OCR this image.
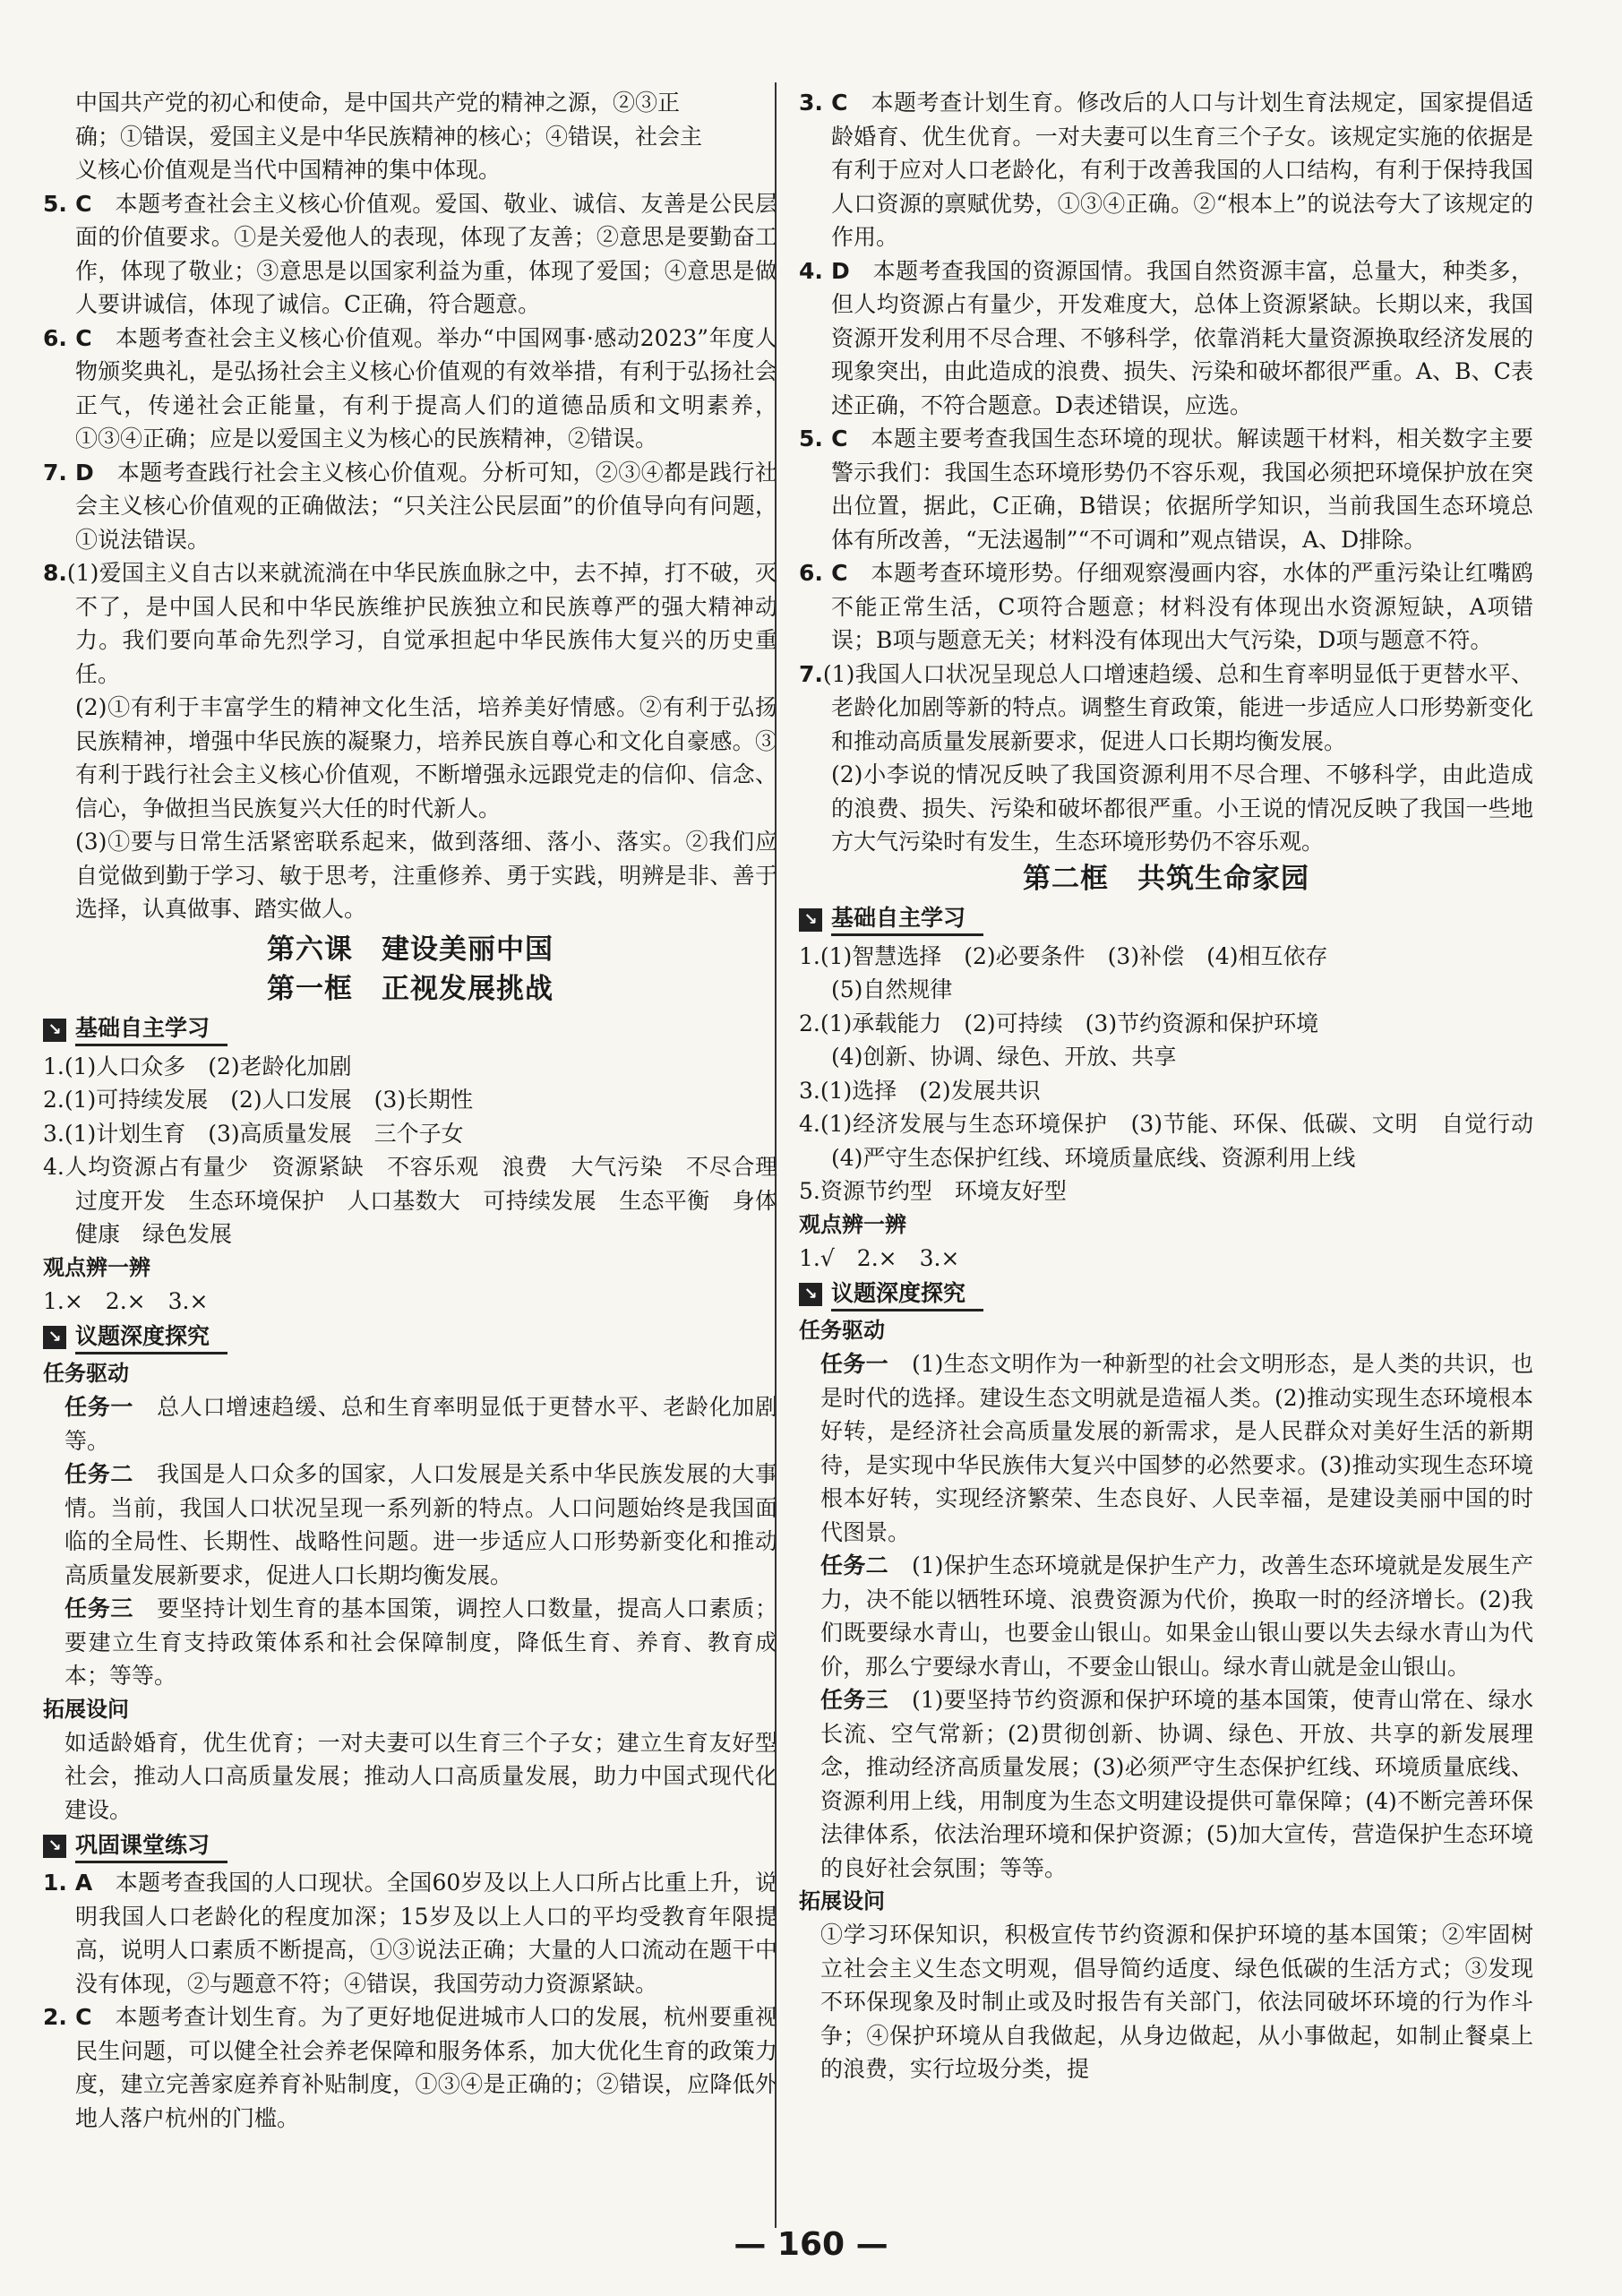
中国共产党的初心和使命，是中国共产党的精神之源，②③正

确；①错误，爱国主义是中华民族精神的核心；④错误，社会主

义核心价值观是当代中国精神的集中体现。

5. C　 本题考查社会主义核心价值观。爱国、敬业、诚信、友善是公民层面的价值要求。①是关爱他人的表现，体现了友善；②意思是要勤奋工作，体现了敬业；③意思是以国家利益为重，体现了爱国；④意思是做人要讲诚信，体现了诚信。C正确，符合题意。

6. C　 本题考查社会主义核心价值观。举办“中国网事·感动2023”年度人物颁奖典礼，是弘扬社会主义核心价值观的有效举措，有利于弘扬社会正气，传递社会正能量，有利于提高人们的道德品质和文明素养，①③④正确；应是以爱国主义为核心的民族精神，②错误。

7. D　 本题考查践行社会主义核心价值观。分析可知，②③④都是践行社会主义核心价值观的正确做法；“只关注公民层面”的价值导向有问题，①说法错误。

8.(1)爱国主义自古以来就流淌在中华民族血脉之中，去不掉，打不破，灭不了，是中国人民和中华民族维护民族独立和民族尊严的强大精神动力。我们要向革命先烈学习，自觉承担起中华民族伟大复兴的历史重任。

(2)①有利于丰富学生的精神文化生活，培养美好情感。②有利于弘扬民族精神，增强中华民族的凝聚力，培养民族自尊心和文化自豪感。③有利于践行社会主义核心价值观，不断增强永远跟党走的信仰、信念、信心，争做担当民族复兴大任的时代新人。

(3)①要与日常生活紧密联系起来，做到落细、落小、落实。②我们应自觉做到勤于学习、敏于思考，注重修养、勇于实践，明辨是非、善于选择，认真做事、踏实做人。

第六课　建设美丽中国
第一框　正视发展挑战
↘ 基础自主学习

1.(1)人口众多　(2)老龄化加剧

2.(1)可持续发展　(2)人口发展　(3)长期性

3.(1)计划生育　(3)高质量发展　三个子女

4.人均资源占有量少　资源紧缺　不容乐观　浪费　大气污染　不尽合理　过度开发　生态环境保护　人口基数大　可持续发展　生态平衡　身体健康　绿色发展

观点辨一辨

1.×　2.×　3.×

↘ 议题深度探究
任务驱动

任务一 总人口增速趋缓、总和生育率明显低于更替水平、老龄化加剧等。

任务二 我国是人口众多的国家，人口发展是关系中华民族发展的大事情。当前，我国人口状况呈现一系列新的特点。人口问题始终是我国面临的全局性、长期性、战略性问题。进一步适应人口形势新变化和推动高质量发展新要求，促进人口长期均衡发展。

任务三 要坚持计划生育的基本国策，调控人口数量，提高人口素质；要建立生育支持政策体系和社会保障制度，降低生育、养育、教育成本；等等。

拓展设问

如适龄婚育，优生优育；一对夫妻可以生育三个子女；建立生育友好型社会，推动人口高质量发展；推动人口高质量发展，助力中国式现代化建设。

↘ 巩固课堂练习

1. A　 本题考查我国的人口现状。全国60岁及以上人口所占比重上升，说明我国人口老龄化的程度加深；15岁及以上人口的平均受教育年限提高，说明人口素质不断提高，①③说法正确；大量的人口流动在题干中没有体现，②与题意不符；④错误，我国劳动力资源紧缺。

2. C　 本题考查计划生育。为了更好地促进城市人口的发展，杭州要重视民生问题，可以健全社会养老保障和服务体系，加大优化生育的政策力度，建立完善家庭养育补贴制度，①③④是正确的；②错误，应降低外地人落户杭州的门槛。

3. C　 本题考查计划生育。修改后的人口与计划生育法规定，国家提倡适龄婚育、优生优育。一对夫妻可以生育三个子女。该规定实施的依据是有利于应对人口老龄化，有利于改善我国的人口结构，有利于保持我国人口资源的禀赋优势，①③④正确。②“根本上”的说法夸大了该规定的作用。

4. D　 本题考查我国的资源国情。我国自然资源丰富，总量大，种类多，但人均资源占有量少，开发难度大，总体上资源紧缺。长期以来，我国资源开发利用不尽合理、不够科学，依靠消耗大量资源换取经济发展的现象突出，由此造成的浪费、损失、污染和破坏都很严重。A、B、C表述正确，不符合题意。D表述错误，应选。

5. C　 本题主要考查我国生态环境的现状。解读题干材料，相关数字主要警示我们：我国生态环境形势仍不容乐观，我国必须把环境保护放在突出位置，据此，C正确，B错误；依据所学知识，当前我国生态环境总体有所改善，“无法遏制”“不可调和”观点错误，A、D排除。

6. C　 本题考查环境形势。仔细观察漫画内容，水体的严重污染让红嘴鸥不能正常生活，C项符合题意；材料没有体现出水资源短缺，A项错误；B项与题意无关；材料没有体现出大气污染，D项与题意不符。

7.(1)我国人口状况呈现总人口增速趋缓、总和生育率明显低于更替水平、老龄化加剧等新的特点。调整生育政策，能进一步适应人口形势新变化和推动高质量发展新要求，促进人口长期均衡发展。

(2)小李说的情况反映了我国资源利用不尽合理、不够科学，由此造成的浪费、损失、污染和破坏都很严重。小王说的情况反映了我国一些地方大气污染时有发生，生态环境形势仍不容乐观。

第二框　共筑生命家园
↘ 基础自主学习

1.(1)智慧选择　(2)必要条件　(3)补偿　(4)相互依存

(5)自然规律

2.(1)承载能力　(2)可持续　(3)节约资源和保护环境

(4)创新、协调、绿色、开放、共享

3.(1)选择　(2)发展共识

4.(1)经济发展与生态环境保护　(3)节能、环保、低碳、文明　自觉行动　(4)严守生态保护红线、环境质量底线、资源利用上线

5.资源节约型　环境友好型

观点辨一辨

1.√　2.×　3.×

↘ 议题深度探究
任务驱动

任务一 (1)生态文明作为一种新型的社会文明形态，是人类的共识，也是时代的选择。建设生态文明就是造福人类。(2)推动实现生态环境根本好转，是经济社会高质量发展的新需求，是人民群众对美好生活的新期待，是实现中华民族伟大复兴中国梦的必然要求。(3)推动实现生态环境根本好转，实现经济繁荣、生态良好、人民幸福，是建设美丽中国的时代图景。

任务二 (1)保护生态环境就是保护生产力，改善生态环境就是发展生产力，决不能以牺牲环境、浪费资源为代价，换取一时的经济增长。(2)我们既要绿水青山，也要金山银山。如果金山银山要以失去绿水青山为代价，那么宁要绿水青山，不要金山银山。绿水青山就是金山银山。

任务三 (1)要坚持节约资源和保护环境的基本国策，使青山常在、绿水长流、空气常新；(2)贯彻创新、协调、绿色、开放、共享的新发展理念，推动经济高质量发展；(3)必须严守生态保护红线、环境质量底线、资源利用上线，用制度为生态文明建设提供可靠保障；(4)不断完善环保法律体系，依法治理环境和保护资源；(5)加大宣传，营造保护生态环境的良好社会氛围；等等。

拓展设问

①学习环保知识，积极宣传节约资源和保护环境的基本国策；②牢固树立社会主义生态文明观，倡导简约适度、绿色低碳的生活方式；③发现不环保现象及时制止或及时报告有关部门，依法同破坏环境的行为作斗争；④保护环境从自我做起，从身边做起，从小事做起，如制止餐桌上的浪费，实行垃圾分类，提

— 160 —
